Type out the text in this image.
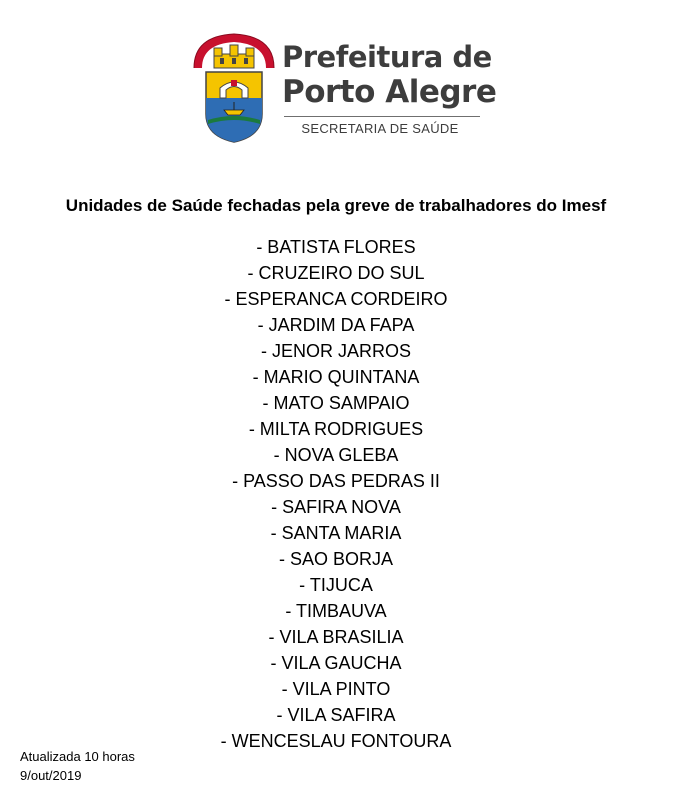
Prefeitura de
Porto Alegre
SECRETARIA DE SAÚDE
Unidades de Saúde fechadas pela greve de trabalhadores do Imesf
- BATISTA FLORES
- CRUZEIRO DO SUL
- ESPERANCA CORDEIRO
- JARDIM DA FAPA
- JENOR JARROS
- MARIO QUINTANA
- MATO SAMPAIO
- MILTA RODRIGUES
- NOVA GLEBA
- PASSO DAS PEDRAS II
- SAFIRA NOVA
- SANTA MARIA
- SAO BORJA
- TIJUCA
- TIMBAUVA
- VILA BRASILIA
- VILA GAUCHA
- VILA PINTO
- VILA SAFIRA
- WENCESLAU FONTOURA
Atualizada 10 horas
9/out/2019
